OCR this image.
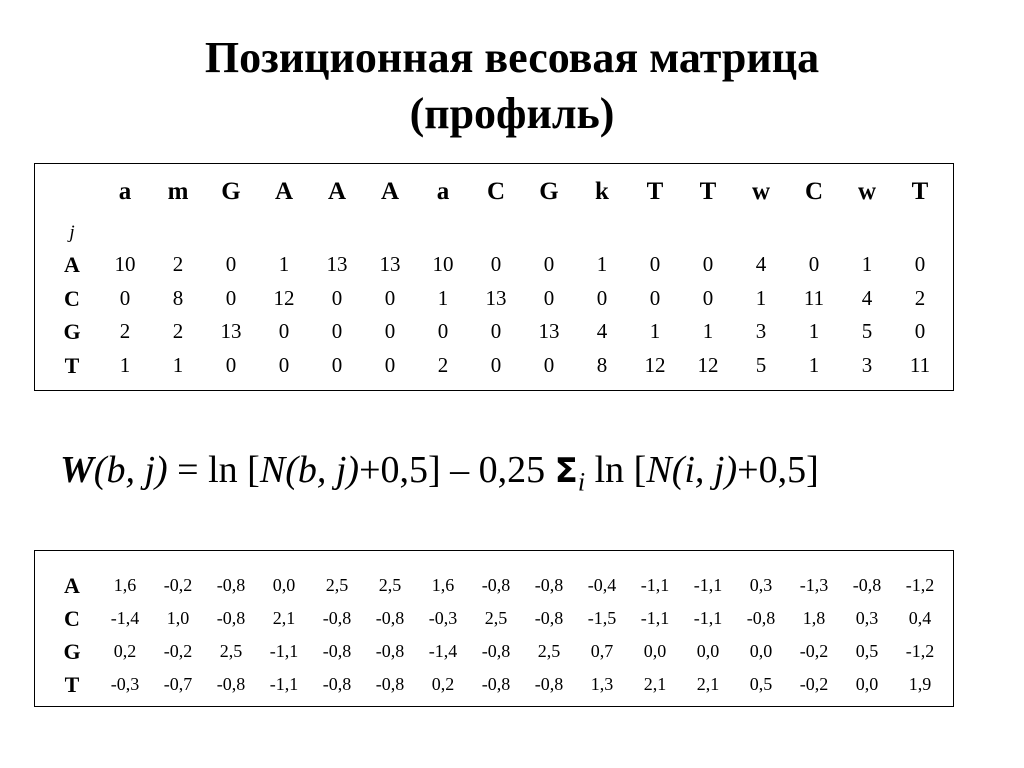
Позиционная весовая матрица
(профиль)
a m G A A A a C G k T T w C w T
j
A 10 2 0 1 13 13 10 0 0 1 0 0 4 0 1 0
C 0 8 0 12 0 0 1 13 0 0 0 0 1 11 4 2
G 2 2 13 0 0 0 0 0 13 4 1 1 3 1 5 0
T 1 1 0 0 0 0 2 0 0 8 12 12 5 1 3 11
W(b, j) = ln [N(b, j)+0,5] – 0,25 $\Sigma_i$ ln [N(i, j)+0,5]
A 1,6 -0,2 -0,8 0,0 2,5 2,5 1,6 -0,8 -0,8 -0,4 -1,1 -1,1 0,3 -1,3 -0,8 -1,2
C -1,4 1,0 -0,8 2,1 -0,8 -0,8 -0,3 2,5 -0,8 -1,5 -1,1 -1,1 -0,8 1,8 0,3 0,4
G 0,2 -0,2 2,5 -1,1 -0,8 -0,8 -1,4 -0,8 2,5 0,7 0,0 0,0 0,0 -0,2 0,5 -1,2
T -0,3 -0,7 -0,8 -1,1 -0,8 -0,8 0,2 -0,8 -0,8 1,3 2,1 2,1 0,5 -0,2 0,0 1,9
